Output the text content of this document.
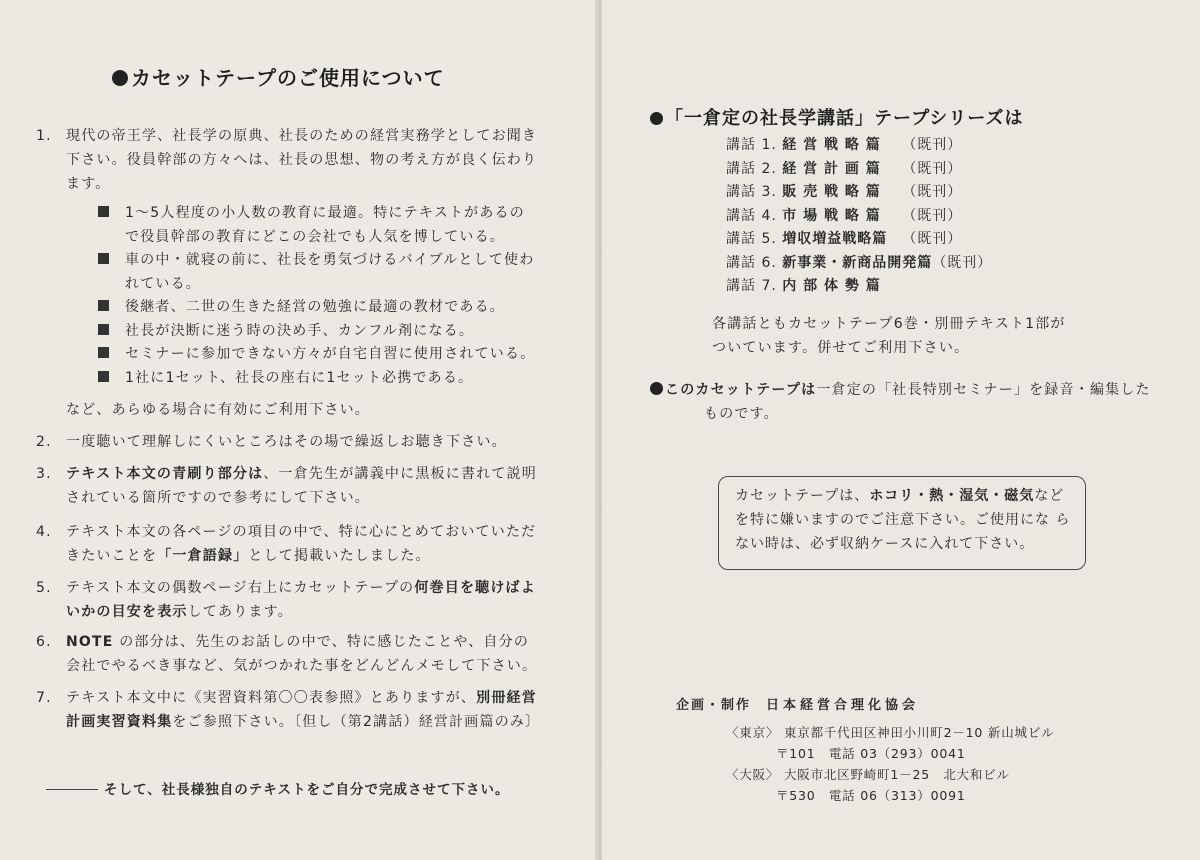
カセットテープのご使用について
1. 現代の帝王学、社長学の原典、社長のための経営実務学としてお聞き
下さい。役員幹部の方々へは、社長の思想、物の考え方が良く伝わり
ます。
1～5人程度の小人数の教育に最適。特にテキストがあるの
で役員幹部の教育にどこの会社でも人気を博している。
車の中・就寝の前に、社長を勇気づけるバイブルとして使わ
れている。
後継者、二世の生きた経営の勉強に最適の教材である。
社長が決断に迷う時の決め手、カンフル剤になる。
セミナーに参加できない方々が自宅自習に使用されている。
1社に1セット、社長の座右に1セット必携である。
など、あらゆる場合に有効にご利用下さい。
2. 一度聴いて理解しにくいところはその場で繰返しお聴き下さい。
3. テキスト本文の青刷り部分は、一倉先生が講義中に黒板に書れて説明
されている箇所ですので参考にして下さい。
4. テキスト本文の各ページの項目の中で、特に心にとめておいていただ
きたいことを「一倉語録」として掲載いたしました。
5. テキスト本文の偶数ページ右上にカセットテープの何巻目を聴けばよ
いかの目安を表示してあります。
6. NOTE の部分は、先生のお話しの中で、特に感じたことや、自分の
会社でやるべき事など、気がつかれた事をどんどんメモして下さい。
7. テキスト本文中に《実習資料第〇〇表参照》とありますが、別冊経営
計画実習資料集をご参照下さい。〔但し（第2講話）経営計画篇のみ〕
そして、社長様独自のテキストをご自分で完成させて下さい。
「一倉定の社長学講話」テープシリーズは
講話 1. 経 営 戦 略 篇 （既刊）
講話 2. 経 営 計 画 篇 （既刊）
講話 3. 販 売 戦 略 篇 （既刊）
講話 4. 市 場 戦 略 篇 （既刊）
講話 5. 増収増益戦略篇 （既刊）
講話 6. 新事業・新商品開発篇（既刊）
講話 7. 内 部 体 勢 篇
各講話ともカセットテープ6巻・別冊テキスト1部が
ついています。併せてご利用下さい。
このカセットテープは一倉定の「社長特別セミナー」を録音・編集した
ものです。
カセットテープは、ホコリ・熱・湿気・磁気など
を特に嫌いますのでご注意下さい。ご使用にな ら
ない時は、必ず収納ケースに入れて下さい。
企画・制作　 日本経営合理化協会
〈東京〉 東京都千代田区神田小川町2－10 新山城ビル
〒101　電話 03（293）0041
〈大阪〉 大阪市北区野崎町1－25　北大和ビル
〒530　電話 06（313）0091
